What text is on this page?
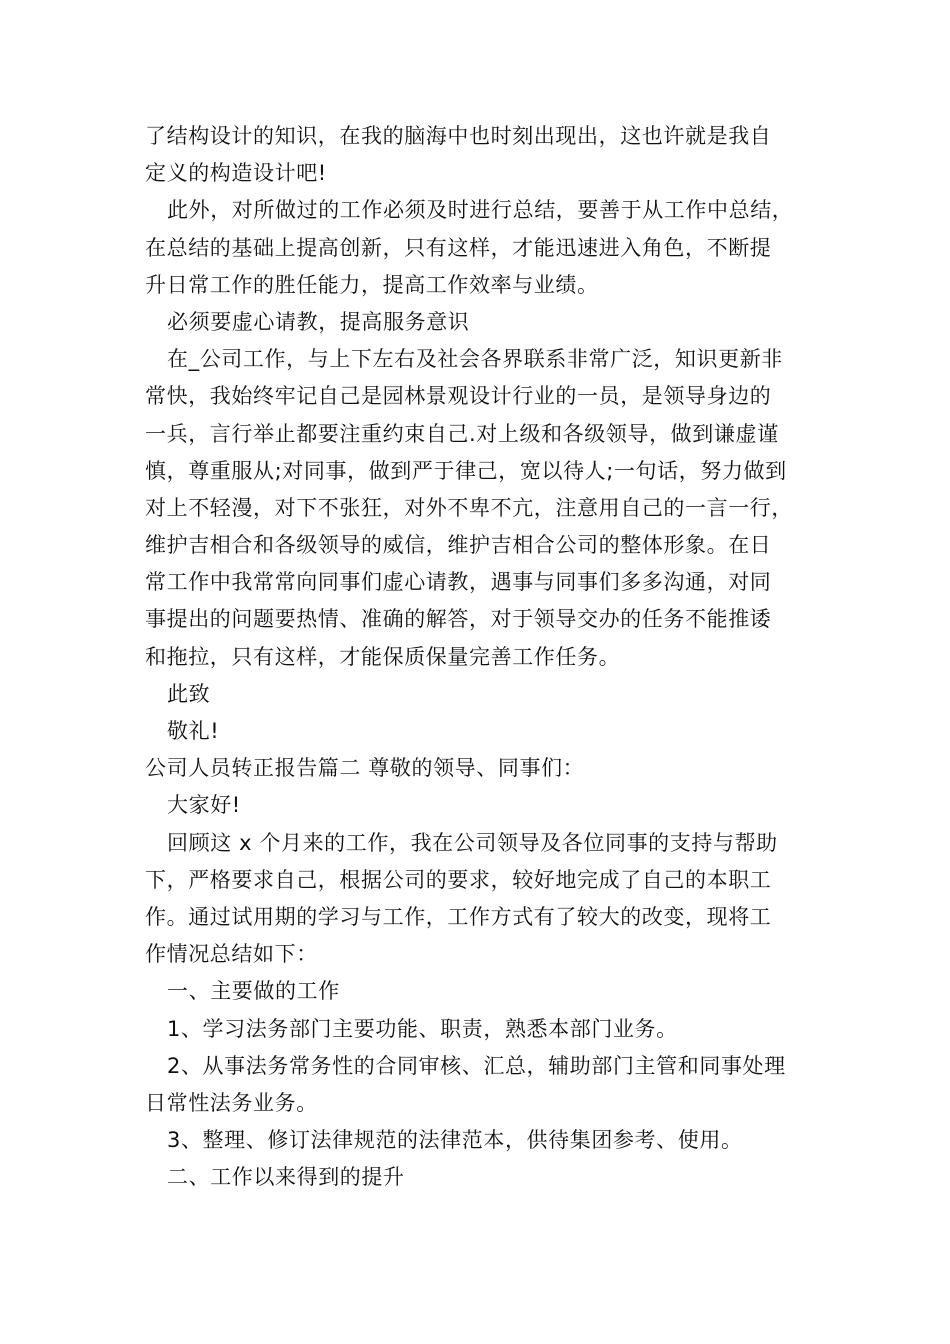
了结构设计的知识，在我的脑海中也时刻出现出，这也许就是我自
定义的构造设计吧!
此外，对所做过的工作必须及时进行总结，要善于从工作中总结，
在总结的基础上提高创新，只有这样，才能迅速进入角色，不断提
升日常工作的胜任能力，提高工作效率与业绩。
必须要虚心请教，提高服务意识
在_公司工作，与上下左右及社会各界联系非常广泛，知识更新非
常快，我始终牢记自己是园林景观设计行业的一员，是领导身边的
一兵，言行举止都要注重约束自己.对上级和各级领导，做到谦虚谨
慎，尊重服从;对同事，做到严于律己，宽以待人;一句话，努力做到
对上不轻漫，对下不张狂，对外不卑不亢，注意用自己的一言一行，
维护吉相合和各级领导的威信，维护吉相合公司的整体形象。在日
常工作中我常常向同事们虚心请教，遇事与同事们多多沟通，对同
事提出的问题要热情、准确的解答，对于领导交办的任务不能推诿
和拖拉，只有这样，才能保质保量完善工作任务。
此致
敬礼!
公司人员转正报告篇二 尊敬的领导、同事们：
大家好!
回顾这 x 个月来的工作，我在公司领导及各位同事的支持与帮助
下，严格要求自己，根据公司的要求，较好地完成了自己的本职工
作。通过试用期的学习与工作，工作方式有了较大的改变，现将工
作情况总结如下：
一、主要做的工作
1、学习法务部门主要功能、职责，熟悉本部门业务。
2、从事法务常务性的合同审核、汇总，辅助部门主管和同事处理
日常性法务业务。
3、整理、修订法律规范的法律范本，供待集团参考、使用。
二、工作以来得到的提升
